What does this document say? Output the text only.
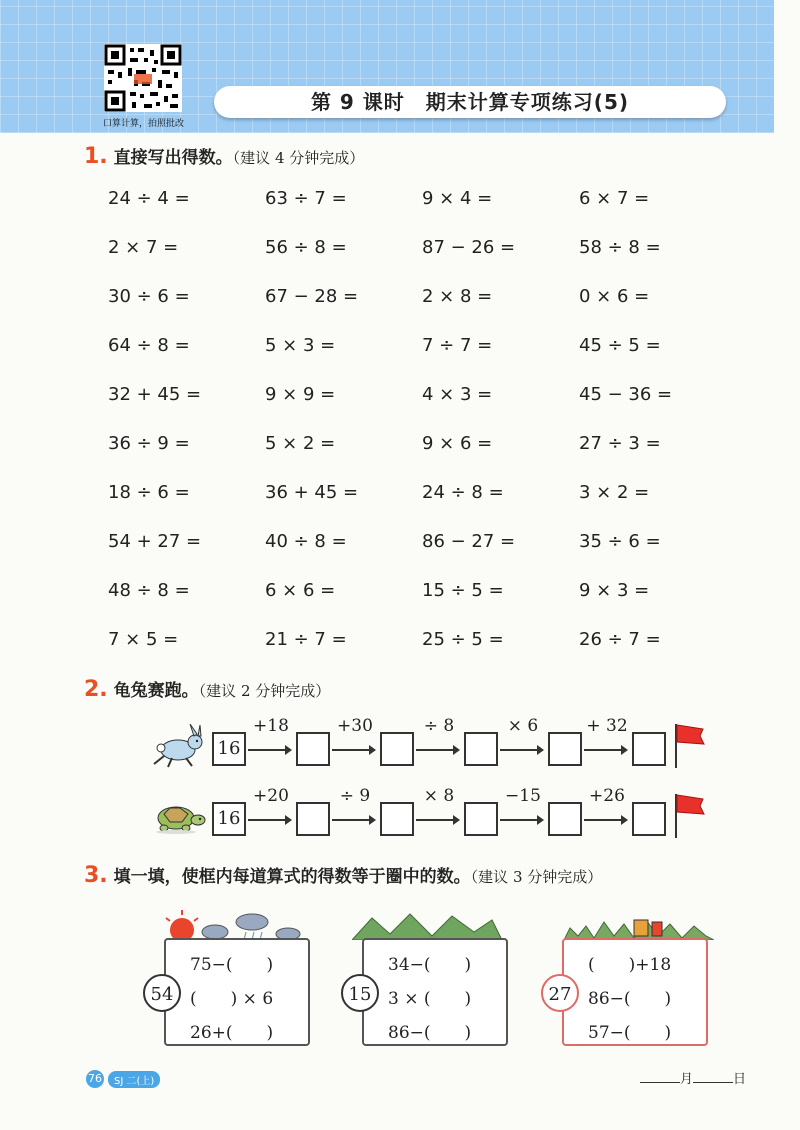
口算计算，拍照批改
第 9 课时　期末计算专项练习(5)
1. 直接写出得数。（建议 4 分钟完成）
24 ÷ 4 =	63 ÷ 7 =	9 × 4 =	6 × 7 =
2 × 7 =	56 ÷ 8 =	87 − 26 =	58 ÷ 8 =
30 ÷ 6 =	67 − 28 =	2 × 8 =	0 × 6 =
64 ÷ 8 =	5 × 3 =	7 ÷ 7 =	45 ÷ 5 =
32 + 45 =	9 × 9 =	4 × 3 =	45 − 36 =
36 ÷ 9 =	5 × 2 =	9 × 6 =	27 ÷ 3 =
18 ÷ 6 =	36 + 45 =	24 ÷ 8 =	3 × 2 =
54 + 27 =	40 ÷ 8 =	86 − 27 =	35 ÷ 6 =
48 ÷ 8 =	6 × 6 =	15 ÷ 5 =	9 × 3 =
7 × 5 =	21 ÷ 7 =	25 ÷ 5 =	26 ÷ 7 =
2. 龟兔赛跑。（建议 2 分钟完成）
16
+18	+30	÷ 8	× 6	+ 32
16
+20	÷ 9	× 8	−15	+26
3. 填一填，使框内每道算式的得数等于圈中的数。（建议 3 分钟完成）
75−(　　)
(　　) × 6
26+(　　)
54
34−(　　)
3 × (　　)
86−(　　)
15
(　　)+18
86−(　　)
57−(　　)
27
76	SJ 二(上)	月	日
